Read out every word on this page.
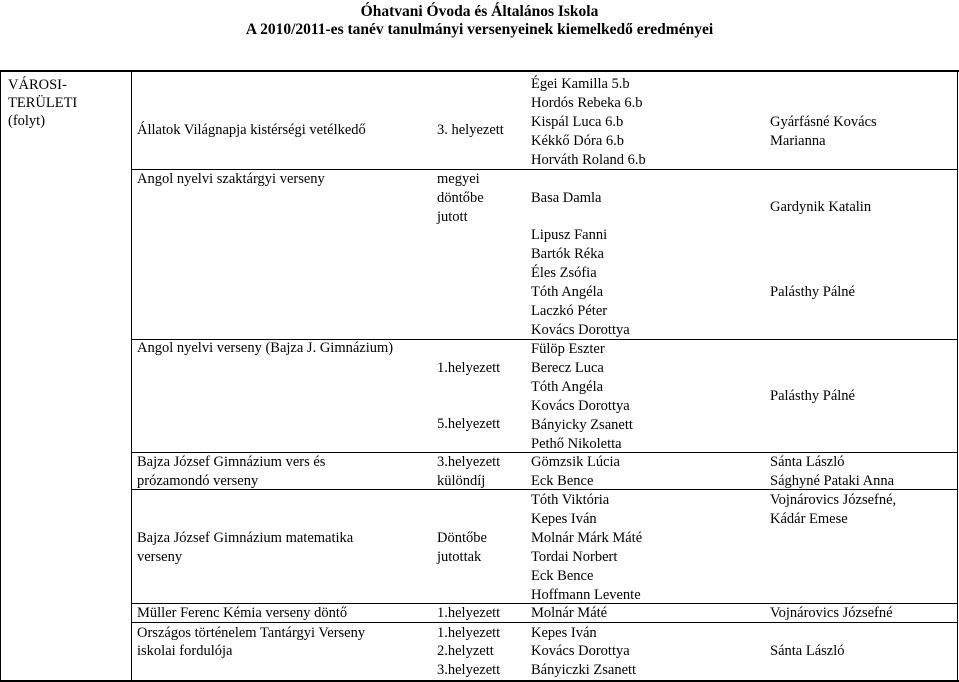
Óhatvani Óvoda és Általános Iskola
A 2010/2011-es tanév tanulmányi versenyeinek kiemelkedő eredményei
VÁROSI-
TERÜLETI
(folyt)
Állatok Világnapja kistérségi vetélkedő
Angol nyelvi szaktárgyi verseny
Angol nyelvi verseny (Bajza J. Gimnázium)
Bajza József Gimnázium vers és
prózamondó verseny
Bajza József Gimnázium matematika
verseny
Müller Ferenc Kémia verseny döntő
Országos történelem Tantárgyi Verseny
iskolai fordulója
3. helyezett
megyei
döntőbe
jutott
1.helyezett
5.helyezett
3.helyezett
különdíj
Döntőbe
jutottak
1.helyezett
1.helyezett
2.helyzett
3.helyezett
Égei Kamilla 5.b
Hordós Rebeka 6.b
Kispál Luca 6.b
Kékkő Dóra 6.b
Horváth Roland 6.b
Basa Damla
Lipusz Fanni
Bartók Réka
Éles Zsófia
Tóth Angéla
Laczkó Péter
Kovács Dorottya
Fülöp Eszter
Berecz Luca
Tóth Angéla
Kovács Dorottya
Bányicky Zsanett
Pethő Nikoletta
Gömzsik Lúcia
Eck Bence
Tóth Viktória
Kepes Iván
Molnár Márk Máté
Tordai Norbert
Eck Bence
Hoffmann Levente
Molnár Máté
Kepes Iván
Kovács Dorottya
Bányiczki Zsanett
Gyárfásné Kovács
Marianna
Gardynik Katalin
Palásthy Pálné
Palásthy Pálné
Sánta László
Sághyné Pataki Anna
Vojnárovics Józsefné,
Kádár Emese
Vojnárovics Józsefné
Sánta László
